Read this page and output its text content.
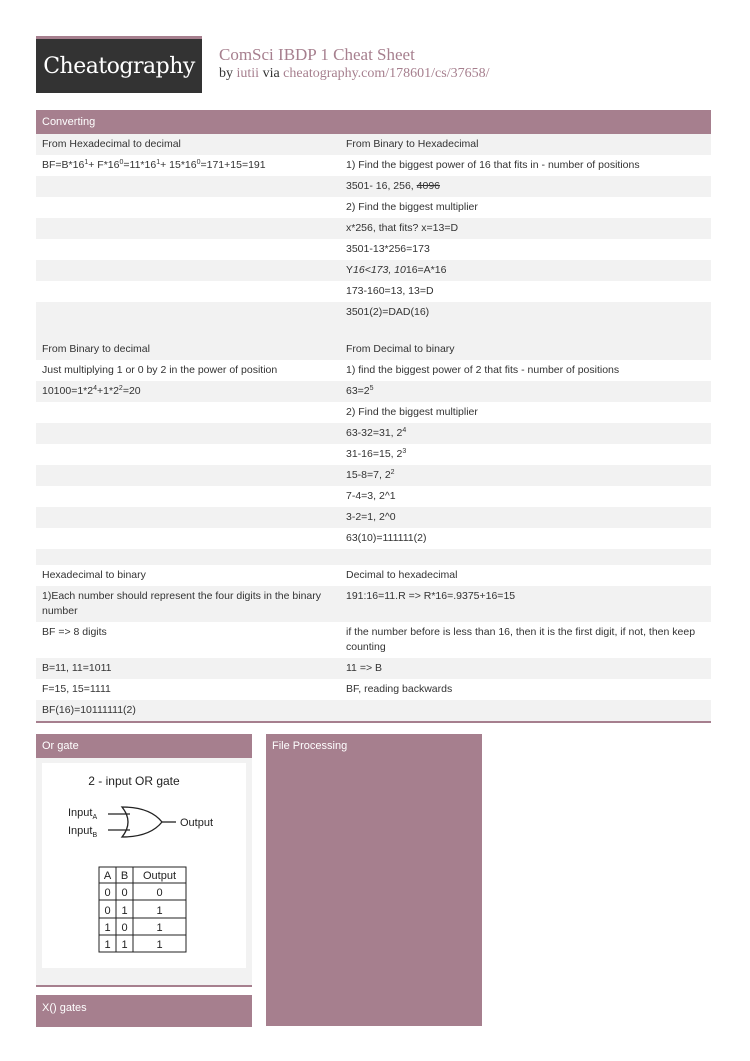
Cheatography ComSci IBDP 1 Cheat Sheet
by iutii via cheatography.com/178601/cs/37658/
Converting
From Hexadecimal to decimal	From Binary to Hexadecimal
$BF=B*16^1+ F*16^0=11*16^1+ 15*16^0=171+15=191$	1) Find the biggest power of 16 that fits in - number of positions
	3501- 16, 256, 4096
	2) Find the biggest multiplier
	x*256, that fits? x=13=D
	3501-13*256=173
	Y16<173, 1016=A*16
	173-160=13, 13=D
	3501(2)=DAD(16)

From Binary to decimal	From Decimal to binary
Just multiplying 1 or 0 by 2 in the power of position	1) find the biggest power of 2 that fits - number of positions
$10100=1*2^4+1*2^2=20$	$63=2^5$
	2) Find the biggest multiplier
	63-32=31, $2^4$
	31-16=15, $2^3$
	15-8=7, $2^2$
	7-4=3, 2^1
	3-2=1, 2^0
	63(10)=111111(2)

Hexadecimal to binary	Decimal to hexadecimal
1)Each number should represent the four digits in the binary number	191:16=11.R => R*16=.9375+16=15
BF => 8 digits	if the number before is less than 16, then it is the first digit, if not, then keep counting
B=11, 11=1011	11 => B
F=15, 15=1111	BF, reading backwards
BF(16)=10111111(2)	
Or gate
2 - input OR gate
Input$_A$
Input$_B$
Output
A B Output
0 0	0
0 1	1
1 0	1
1 1	1
X() gates
File Processing
